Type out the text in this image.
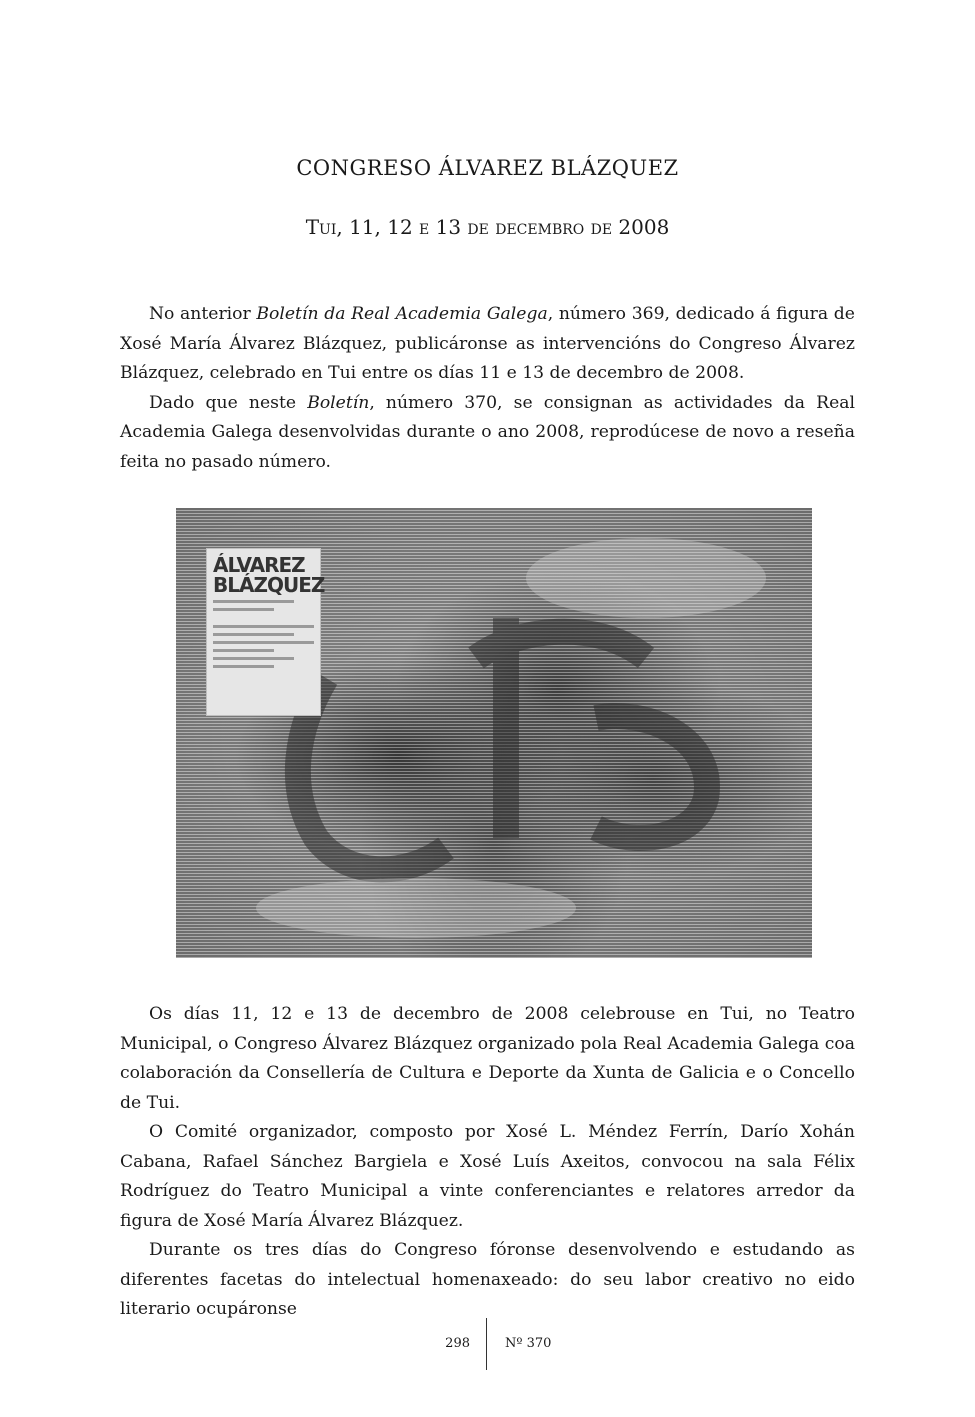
CONGRESO ÁLVAREZ BLÁZQUEZ
Tui, 11, 12 e 13 de decembro de 2008

No anterior Boletín da Real Academia Galega, número 369, dedicado á figura de Xosé María Álvarez Blázquez, publicáronse as intervencións do Congreso Álvarez Blázquez, celebrado en Tui entre os días 11 e 13 de decembro de 2008.

Dado que neste Boletín, número 370, se consignan as actividades da Real Academia Galega desenvolvidas durante o ano 2008, reprodúcese de novo a reseña feita no pasado número.

ÁLVAREZ
BLÁZQUEZ

Os días 11, 12 e 13 de decembro de 2008 celebrouse en Tui, no Teatro Municipal, o Congreso Álvarez Blázquez organizado pola Real Academia Galega coa colaboración da Consellería de Cultura e Deporte da Xunta de Galicia e o Concello de Tui.

O Comité organizador, composto por Xosé L. Méndez Ferrín, Darío Xohán Cabana, Rafael Sánchez Bargiela e Xosé Luís Axeitos, convocou na sala Félix Rodríguez do Teatro Municipal a vinte conferenciantes e relatores arredor da figura de Xosé María Álvarez Blázquez.

Durante os tres días do Congreso fóronse desenvolvendo e estudando as diferentes facetas do intelectual homenaxeado: do seu labor creativo no eido literario ocupáronse

298	Nº 370
